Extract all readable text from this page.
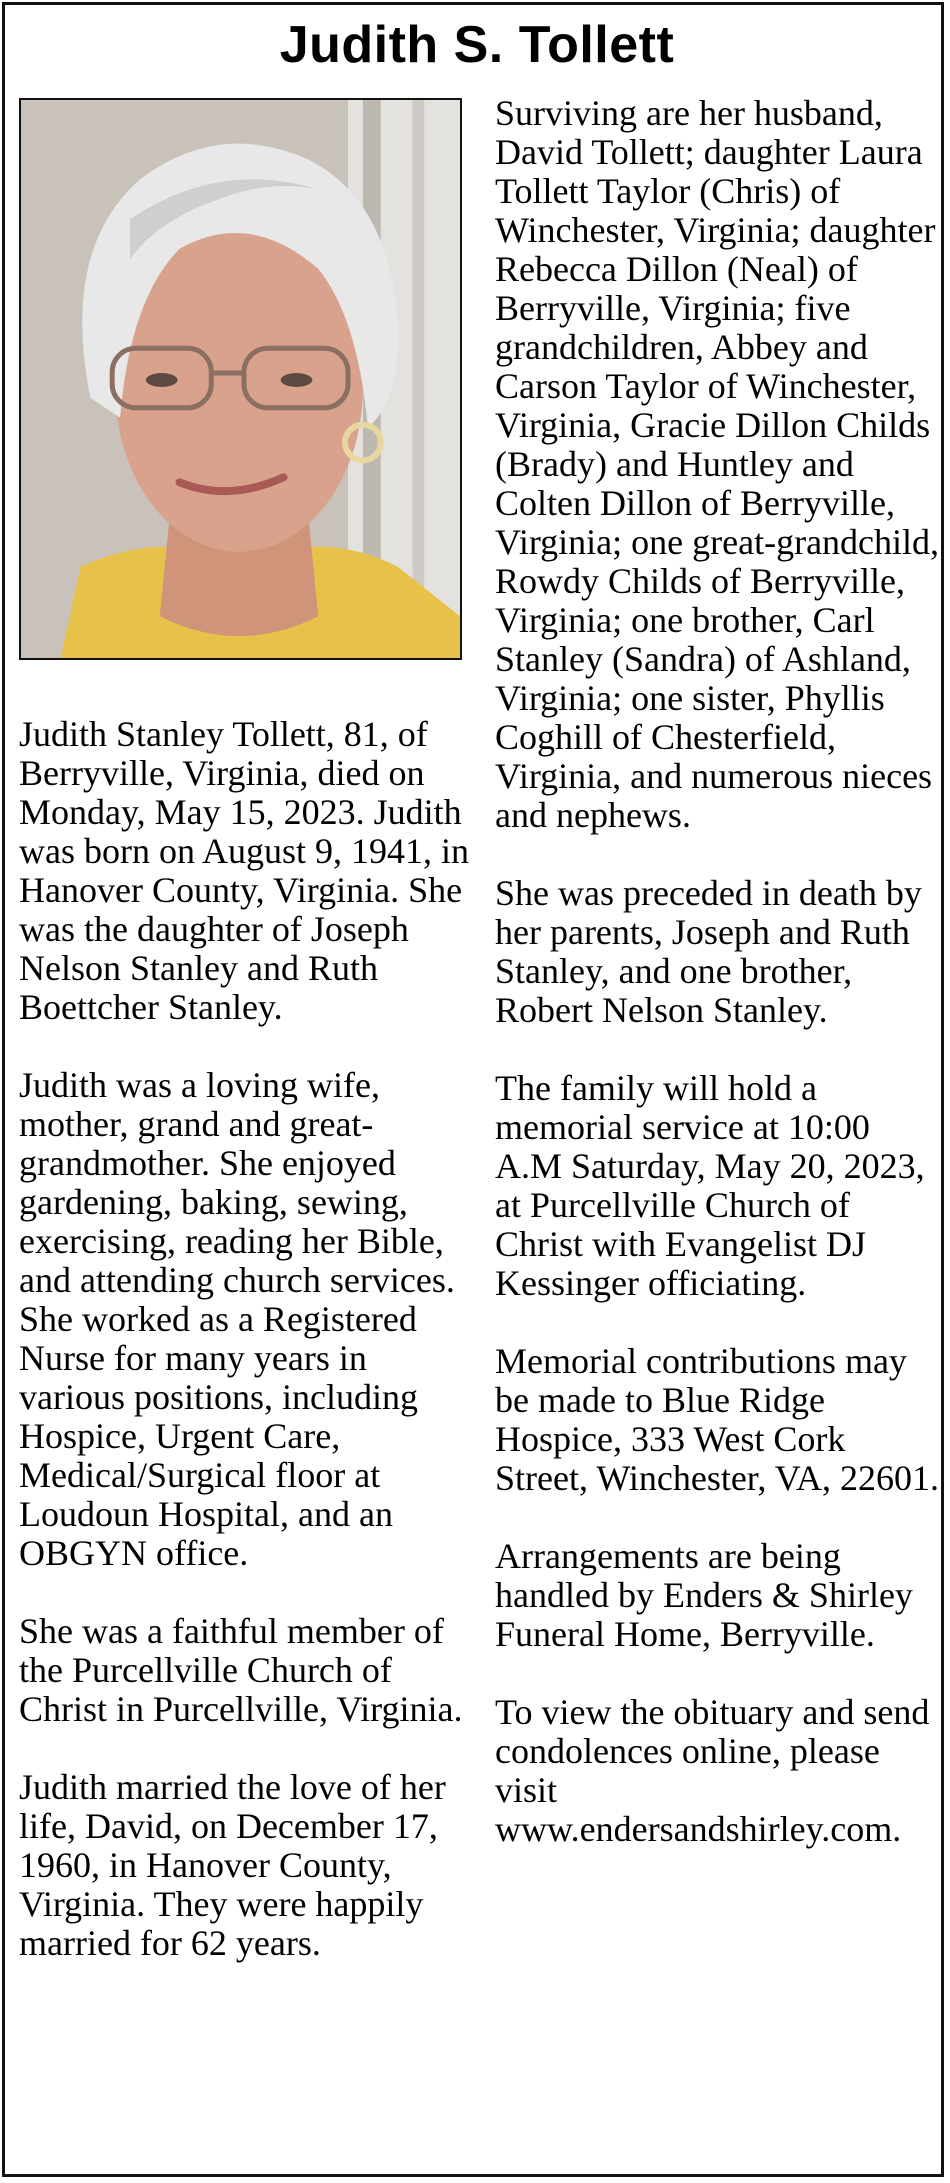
Judith S. Tollett

Judith Stanley Tollett, 81, of Berryville, Virginia, died on Monday, May 15, 2023. Judith was born on August 9, 1941, in Hanover County, Virginia. She was the daughter of Joseph Nelson Stanley and Ruth Boettcher Stanley.

Judith was a loving wife, mother, grand and great-grandmother. She enjoyed gardening, baking, sewing, exercising, reading her Bible, and attending church services. She worked as a Registered Nurse for many years in various positions, including Hospice, Urgent Care, Medical/Surgical floor at Loudoun Hospital, and an OBGYN office.

She was a faithful member of the Purcellville Church of Christ in Purcellville, Virginia.

Judith married the love of her life, David, on December 17, 1960, in Hanover County, Virginia. They were happily married for 62 years.

Surviving are her husband, David Tollett; daughter Laura Tollett Taylor (Chris) of Winchester, Virginia; daughter Rebecca Dillon (Neal) of Berryville, Virginia; five grandchildren, Abbey and Carson Taylor of Winchester, Virginia, Gracie Dillon Childs (Brady) and Huntley and Colten Dillon of Berryville, Virginia; one great-grandchild, Rowdy Childs of Berryville, Virginia; one brother, Carl Stanley (Sandra) of Ashland, Virginia; one sister, Phyllis Coghill of Chesterfield, Virginia, and numerous nieces and nephews.

She was preceded in death by her parents, Joseph and Ruth Stanley, and one brother, Robert Nelson Stanley.

The family will hold a memorial service at 10:00 A.M Saturday, May 20, 2023, at Purcellville Church of Christ with Evangelist DJ Kessinger officiating.

Memorial contributions may be made to Blue Ridge Hospice, 333 West Cork Street, Winchester, VA, 22601.

Arrangements are being handled by Enders & Shirley Funeral Home, Berryville.

To view the obituary and send condolences online, please visit www.endersandshirley.com.
